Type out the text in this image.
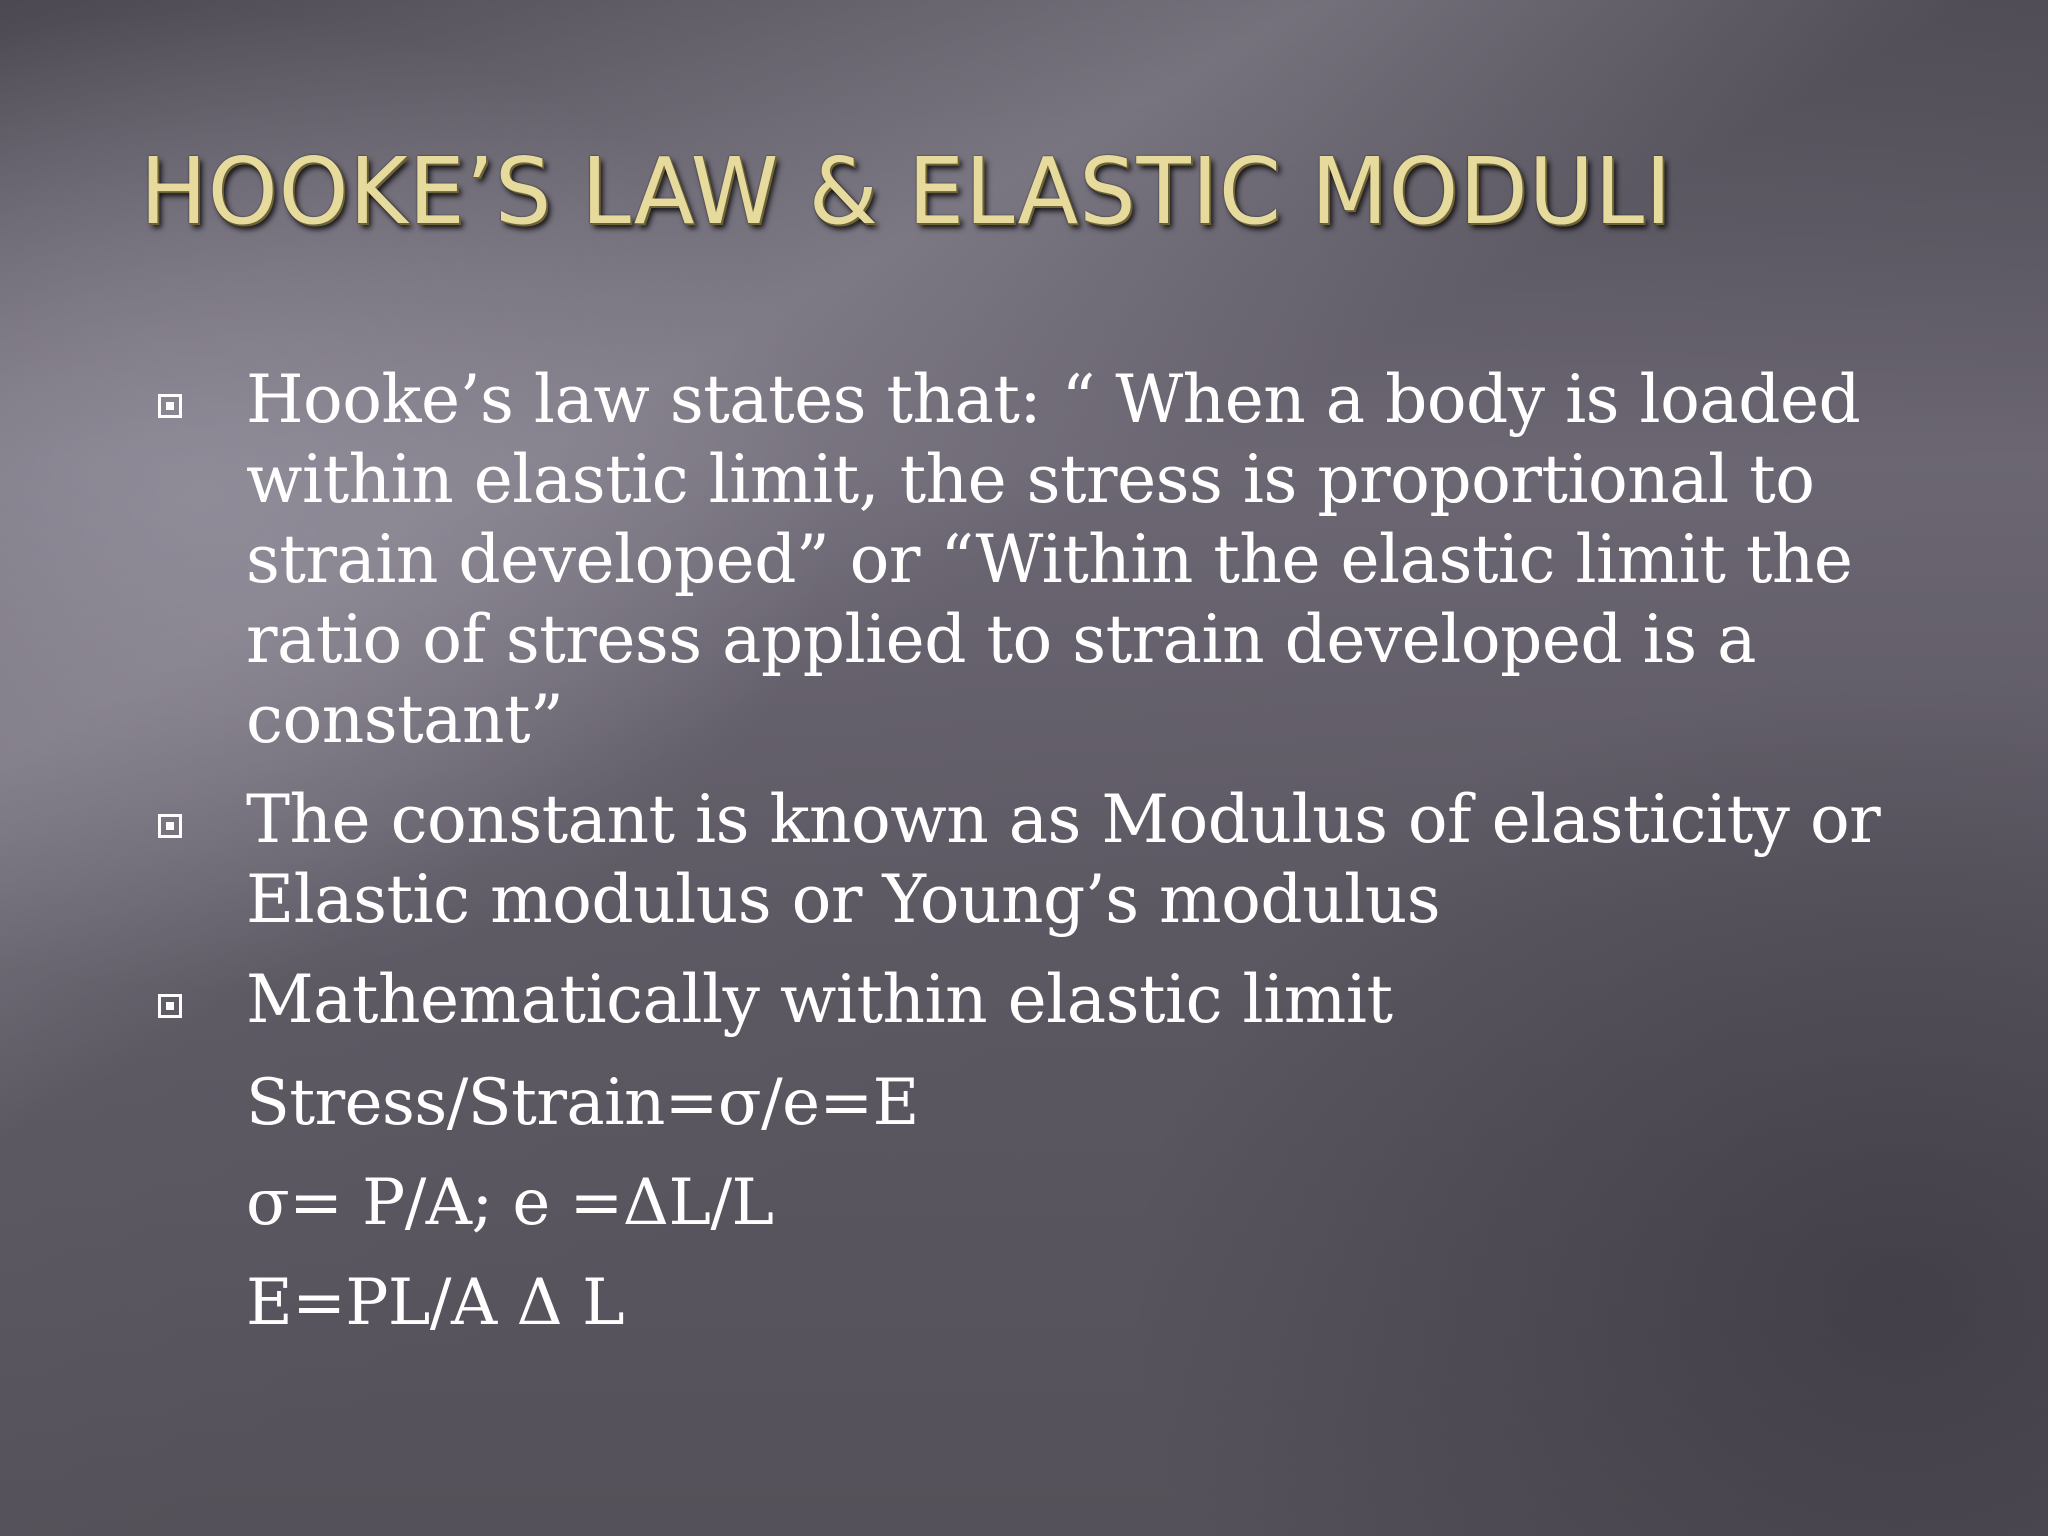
HOOKE’S LAW & ELASTIC MODULI
Hooke’s law states that: “ When a body is loaded within elastic limit, the stress is proportional to strain developed” or “Within the elastic limit the ratio of stress applied to strain developed is a constant”
The constant is known as Modulus of elasticity or Elastic modulus or Young’s modulus
Mathematically within elastic limit
Stress/Strain=σ/e=E
σ= P/A; e =ΔL/L
E=PL/A Δ L
